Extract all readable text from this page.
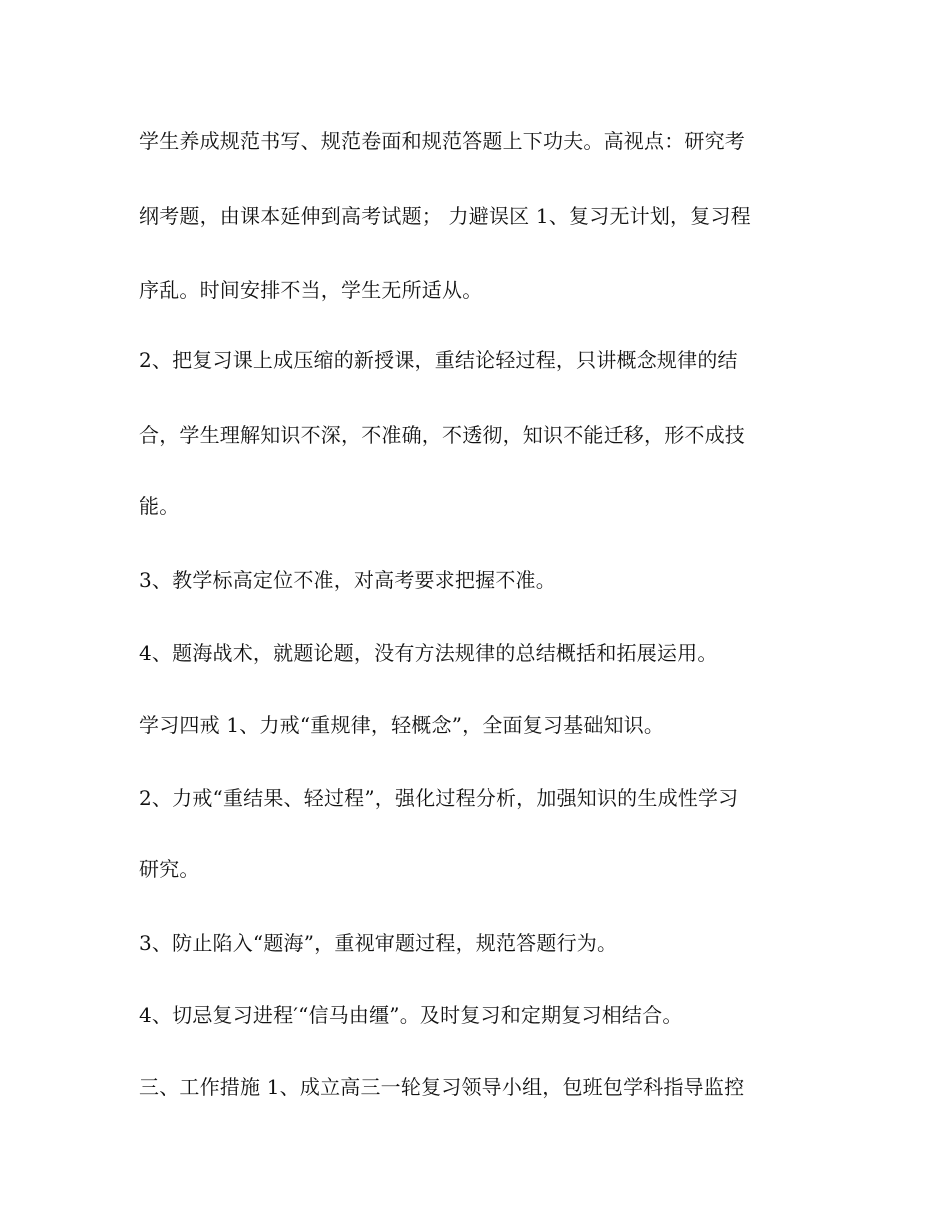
学生养成规范书写、规范卷面和规范答题上下功夫。高视点：研究考
纲考题，由课本延伸到高考试题； 力避误区 1、复习无计划，复习程
序乱。时间安排不当，学生无所适从。
2、把复习课上成压缩的新授课，重结论轻过程，只讲概念规律的结
合，学生理解知识不深，不准确，不透彻，知识不能迁移，形不成技
能。
3、教学标高定位不准，对高考要求把握不准。
4、题海战术，就题论题，没有方法规律的总结概括和拓展运用。
学习四戒 1、力戒“重规律，轻概念”，全面复习基础知识。
2、力戒“重结果、轻过程”，强化过程分析，加强知识的生成性学习
研究。
3、防止陷入“题海”，重视审题过程，规范答题行为。
4、切忌复习进程′“信马由缰”。及时复习和定期复习相结合。
三、工作措施 1、成立高三一轮复习领导小组，包班包学科指导监控
